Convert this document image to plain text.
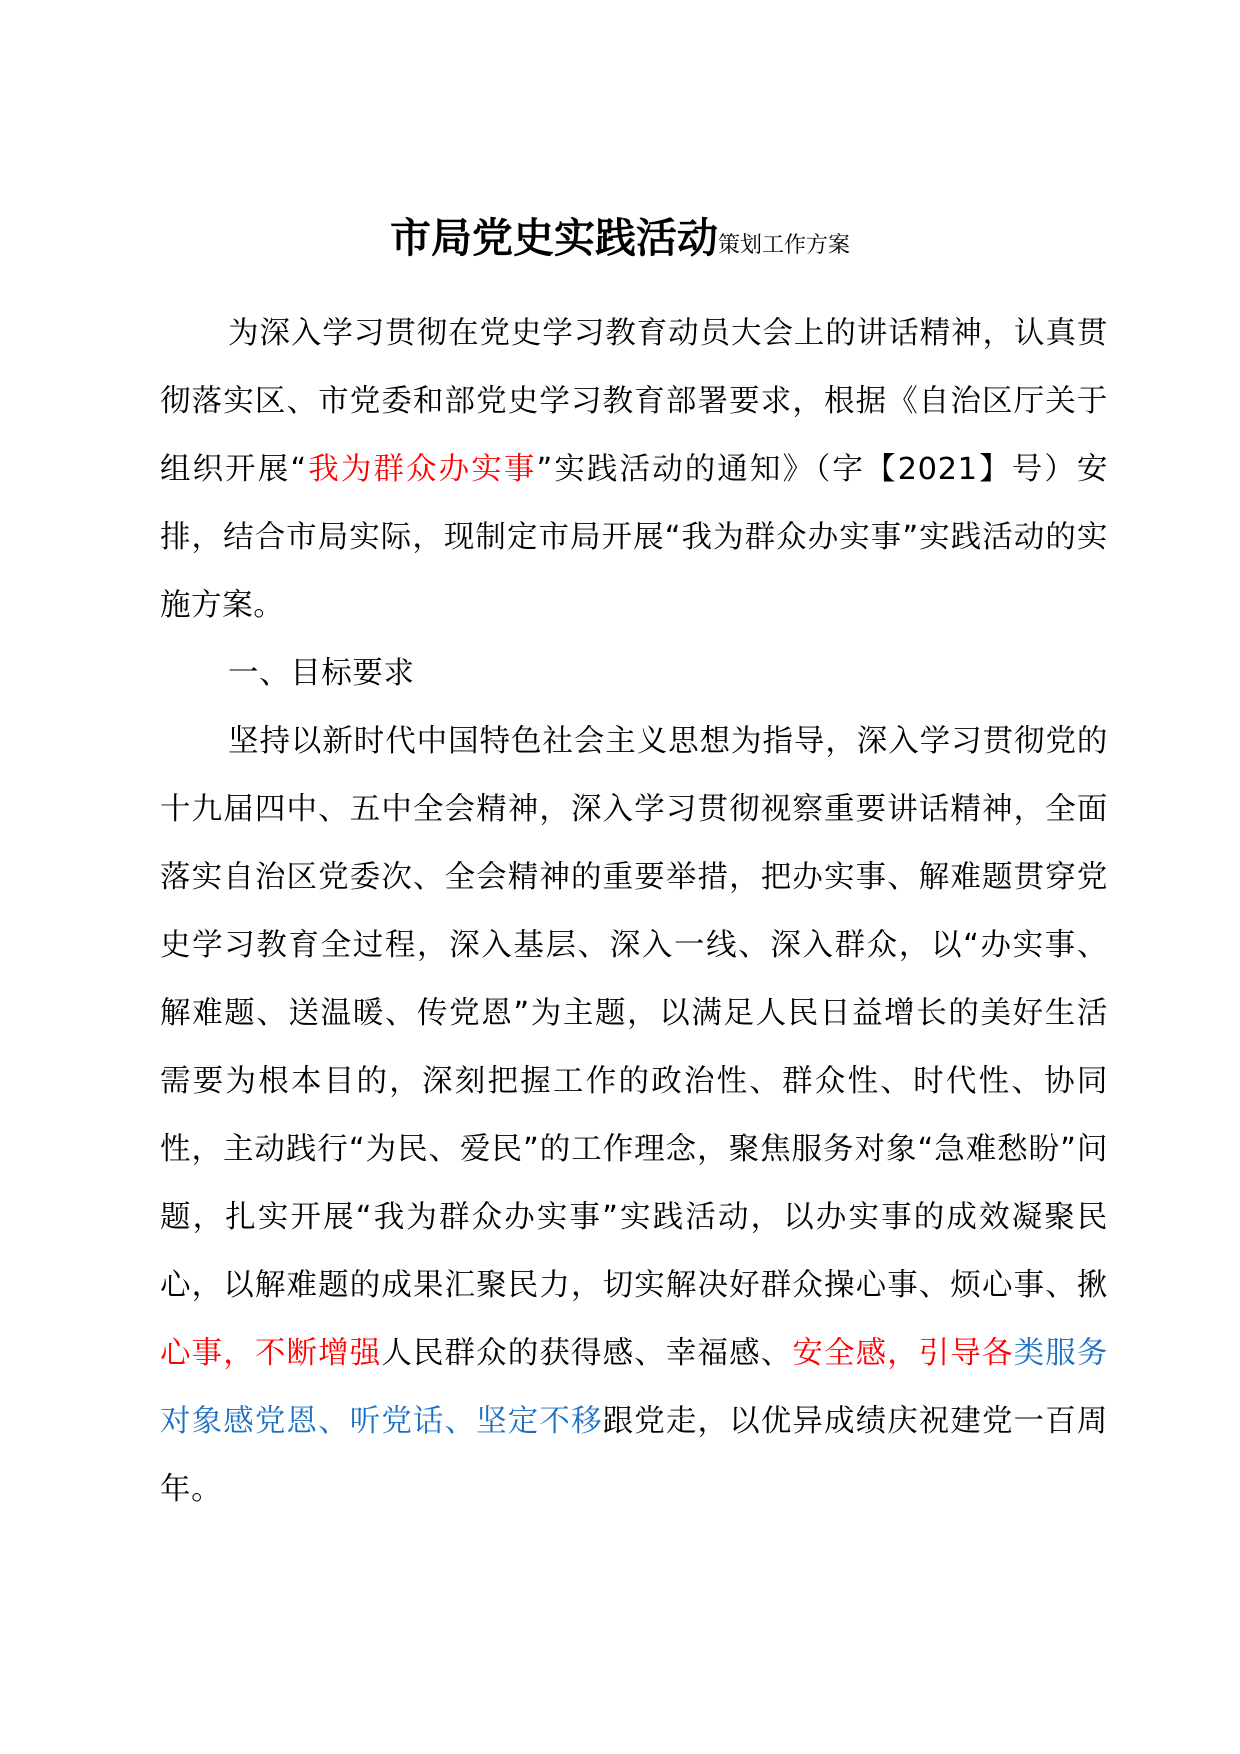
市局党史实践活动策划工作方案

为深入学习贯彻在党史学习教育动员大会上的讲话精神，认真贯彻落实区、市党委和部党史学习教育部署要求，根据《自治区厅关于组织开展“我为群众办实事”实践活动的通知》（字【2021】号）安排，结合市局实际，现制定市局开展“我为群众办实事”实践活动的实施方案。

一、目标要求

坚持以新时代中国特色社会主义思想为指导，深入学习贯彻党的十九届四中、五中全会精神，深入学习贯彻视察重要讲话精神，全面落实自治区党委次、全会精神的重要举措，把办实事、解难题贯穿党史学习教育全过程，深入基层、深入一线、深入群众，以“办实事、解难题、送温暖、传党恩”为主题，以满足人民日益增长的美好生活需要为根本目的，深刻把握工作的政治性、群众性、时代性、协同性，主动践行“为民、爱民”的工作理念，聚焦服务对象“急难愁盼”问题，扎实开展“我为群众办实事”实践活动，以办实事的成效凝聚民心，以解难题的成果汇聚民力，切实解决好群众操心事、烦心事、揪心事，不断增强人民群众的获得感、幸福感、安全感，引导各类服务对象感党恩、听党话、坚定不移跟党走，以优异成绩庆祝建党一百周年。
